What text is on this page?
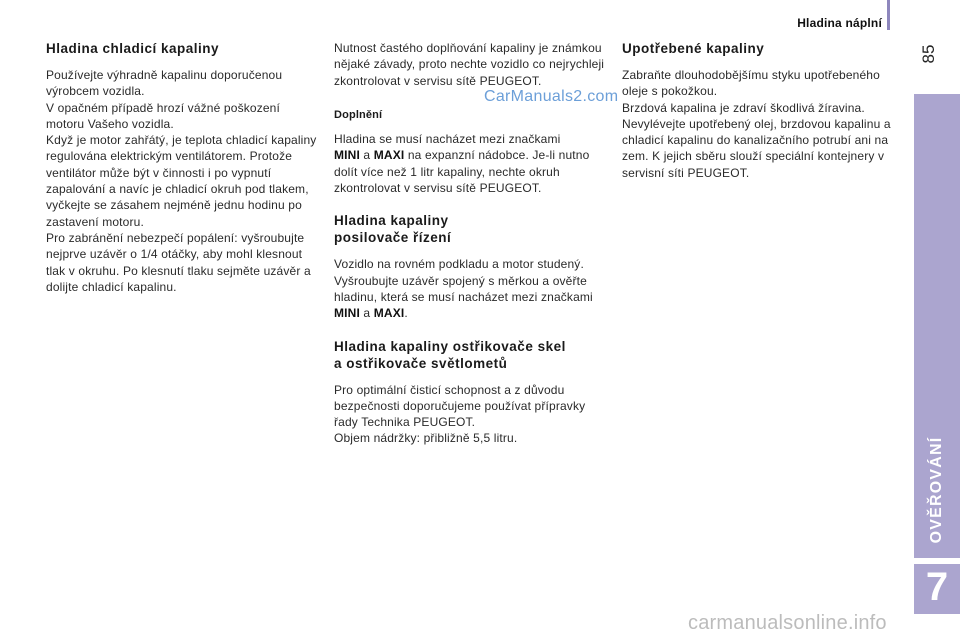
Hladina náplní
85
OVĚŘOVÁNÍ
7
Hladina chladicí kapaliny

Používejte výhradně kapalinu doporučenou výrobcem vozidla.

V opačném případě hrozí vážné poškození motoru Vašeho vozidla.

Když je motor zahřátý, je teplota chladicí kapaliny regulována elektrickým ventilátorem. Protože ventilátor může být v činnosti i po vypnutí zapalování a navíc je chladicí okruh pod tlakem, vyčkejte se zásahem nejméně jednu hodinu po zastavení motoru.

Pro zabránění nebezpečí popálení: vyšroubujte nejprve uzávěr o 1/4 otáčky, aby mohl klesnout tlak v okruhu. Po klesnutí tlaku sejměte uzávěr a dolijte chladicí kapalinu.

Nutnost častého doplňování kapaliny je známkou nějaké závady, proto nechte vozidlo co nejrychleji zkontrolovat v servisu sítě PEUGEOT.

Doplnění

Hladina se musí nacházet mezi značkami
MINI a MAXI na expanzní nádobce. Je-li nutno dolít více než 1 litr kapaliny, nechte okruh zkontrolovat v servisu sítě PEUGEOT.

Hladina kapaliny posilovače řízení

Vozidlo na rovném podkladu a motor studený. Vyšroubujte uzávěr spojený s měrkou a ověřte hladinu, která se musí nacházet mezi značkami MINI a MAXI.

Hladina kapaliny ostřikovače skel a ostřikovače světlometů

Pro optimální čisticí schopnost a z důvodu bezpečnosti doporučujeme používat přípravky řady Technika PEUGEOT.

Objem nádržky: přibližně 5,5 litru.

Upotřebené kapaliny

Zabraňte dlouhodobějšímu styku upotřebeného oleje s pokožkou.

Brzdová kapalina je zdraví škodlivá žíravina.

Nevylévejte upotřebený olej, brzdovou kapalinu a chladicí kapalinu do kanalizačního potrubí ani na zem. K jejich sběru slouží speciální kontejnery v servisní síti PEUGEOT.

CarManuals2.com
carmanualsonline.info
